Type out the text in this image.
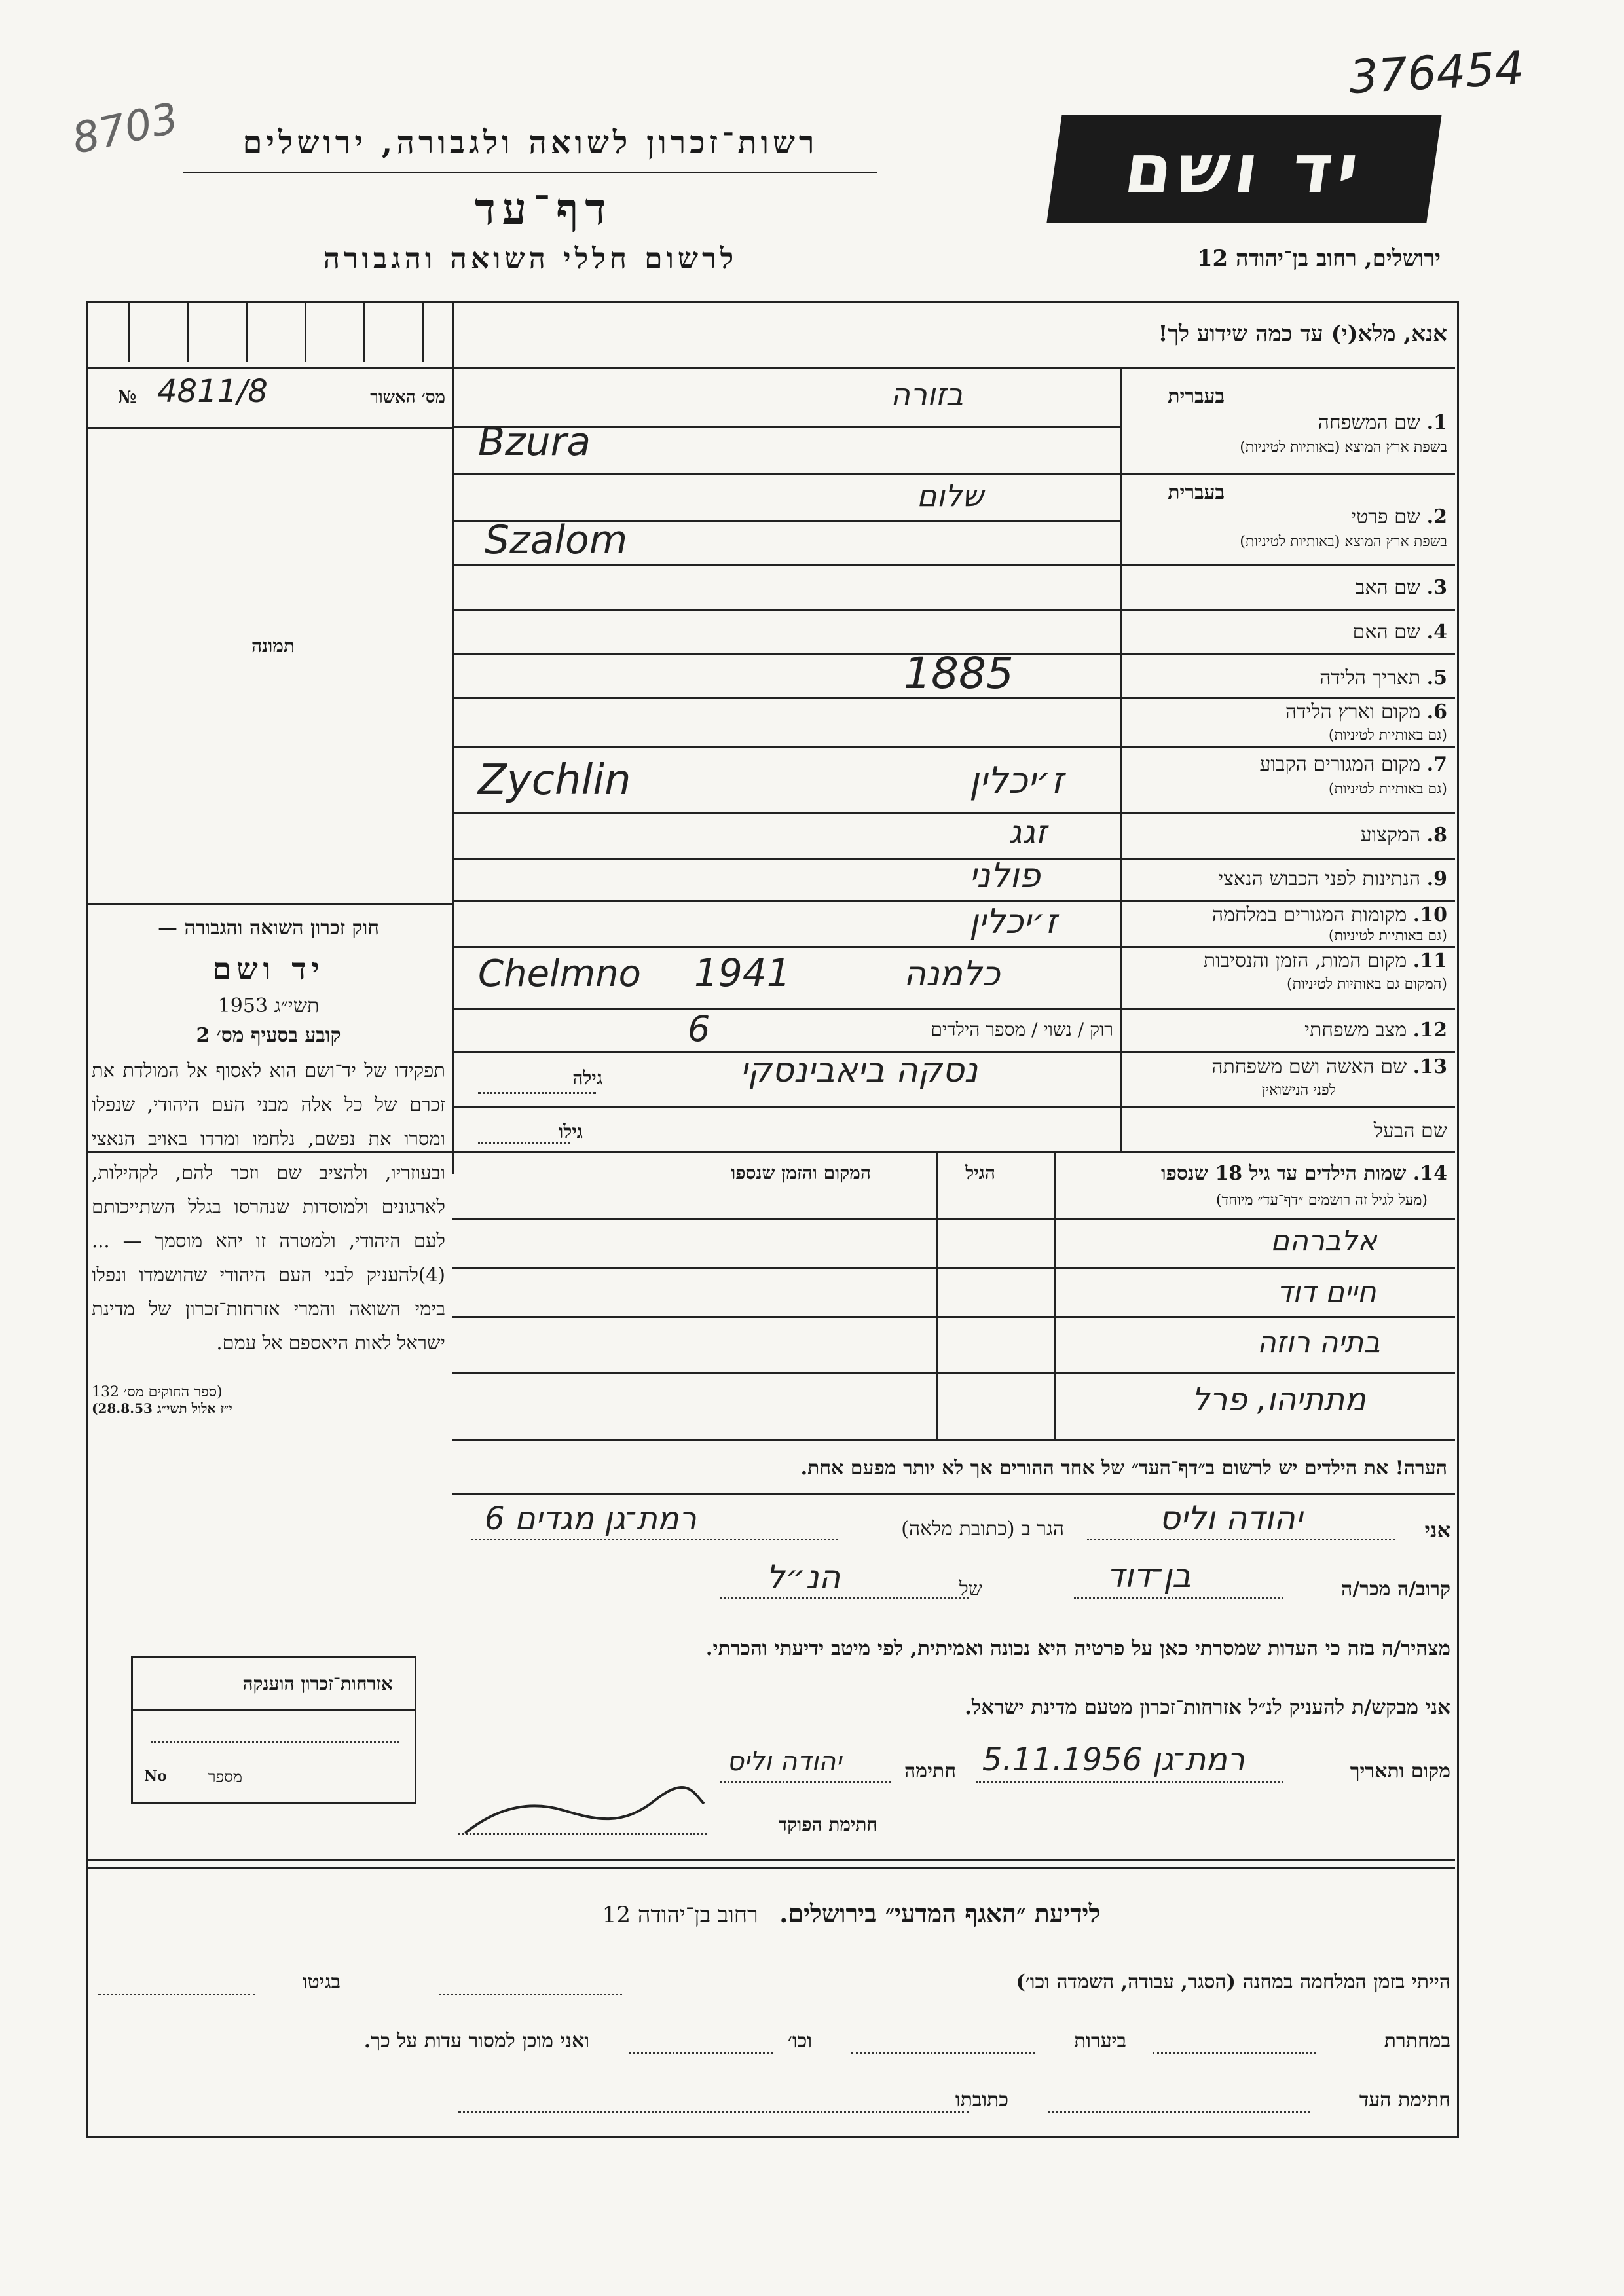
376454
8703	רשות־זכרון לשואה ולגבורה, ירושלים
דף־עד
לרשום חללי השואה והגבורה
יד ושם
ירושלים, רחוב בן־יהודה 12
אנא, מלא(י) עד כמה שידוע לך!
מס׳ האשור
4811/8
№
תמונה
בעברית
1. שם המשפחה
בשפת ארץ המוצא (באותיות לטיניות)
בזורה
Bzura
בעברית
2. שם פרטי
בשפת ארץ המוצא (באותיות לטיניות)
שלום
Szalom
3. שם האב
4. שם האם
5. תאריך הלידה
1885
6. מקום וארץ הלידה
(גם באותיות לטיניות)
7. מקום המגורים הקבוע
(גם באותיות לטיניות)
ז׳יכלין
Zychlin
8. המקצוע
זגג
9. הנתינות לפני הכבוש הנאצי
פולני
10. מקומות המגורים במלחמה
(גם באותיות לטיניות)
ז׳יכלין
11. מקום המות, הזמן והנסיבות
(המקום גם באותיות לטיניות)
Chelmno 1941	כלמנה
12. מצב משפחתי
רוק / נשוי / מספר הילדים
6
13. שם האשה ושם משפחתה
לפני הנישואין
נסקה ביאבינסקי
גילה
שם הבעל
גילו
14. שמות הילדים עד גיל 18 שנספו
(מעל לגיל זה רושמים ״דף־עד״ מיוחד)
הגיל
המקום והזמן שנספו
אלברהם
חיים דוד
בתיה רוזה
מתתיהו, פרל
הערה! את הילדים יש לרשום ב״דף־העד״ של אחד ההורים אך לא יותר מפעם אחת.
חוק זכרון השואה והגבורה —
יד ושם
תשי״ג 1953
קובע בסעיף מס׳ 2
תפקידו של יד־ושם הוא לאסוף אל המולדת את זכרם של כל אלה מבני העם היהודי, שנפלו ומסרו את נפשם, נלחמו ומרדו באויב הנאצי ובעוזריו, ולהציב שם וזכר להם, לקהילות, לארגונים ולמוסדות שנהרסו בגלל השתייכותם לעם היהודי, ולמטרה זו יהא מוסמך — ...(4)להעניק לבני העם היהודי שהושמדו ונפלו בימי השואה והמרי אזרחות־זכרון של מדינת ישראל לאות היאספם אל עמם.
(ספר החוקים מס׳ 132
י״ז אלול תשי״ג 28.8.53)
אני
יהודה וליס
הגר ב (כתובת מלאה)
רמת־גן מגדים 6
קרוב/ה מכר/ה
בן־דוד
של
הנ״ל
מצהיר/ה בזה כי העדות שמסרתי כאן על פרטיה היא נכונה ואמיתית, לפי מיטב ידיעתי והכרתי.
אני מבקש/ת להעניק לנ״ל אזרחות־זכרון מטעם מדינת ישראל.
מקום ותאריך
רמת־גן 5.11.1956
חתימה
יהודה וליס
חתימת הפוקד
אזרחות־זכרון הוענקה
מספר
No
לידיעת ״האגף המדעי״ בירושלים.   רחוב בן־יהודה 12
הייתי בזמן המלחמה במחנה (הסגר, עבודה, השמדה וכו׳)
בגיטו
במחתרת
ביערות
וכו׳
ואני מוכן למסור עדות על כך.
חתימת העד
כתובתו
